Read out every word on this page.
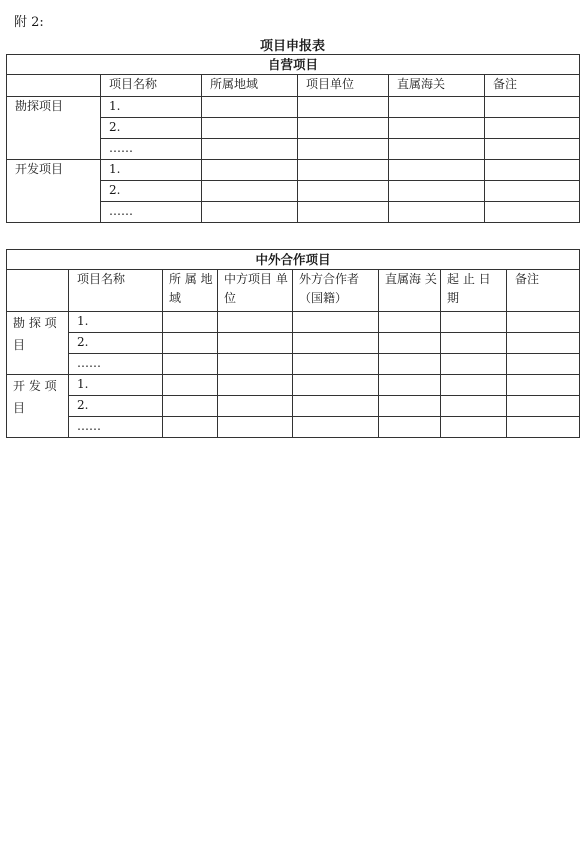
附 2:
项目申报表
自营项目					
	项目名称	所属地域	项目单位	直属海关	备注
勘探项目	1.				
	2.				
	……				
开发项目	1.				
	2.				
	……				
中外合作项目							
	项目名称	所 属 地域	中方项目 单位	外方合作者 （国籍）	直属海 关	起 止 日 期	备注
勘 探 项 目	1.						
	2.						
	……						
开 发 项 目	1.						
	2.						
	……						
